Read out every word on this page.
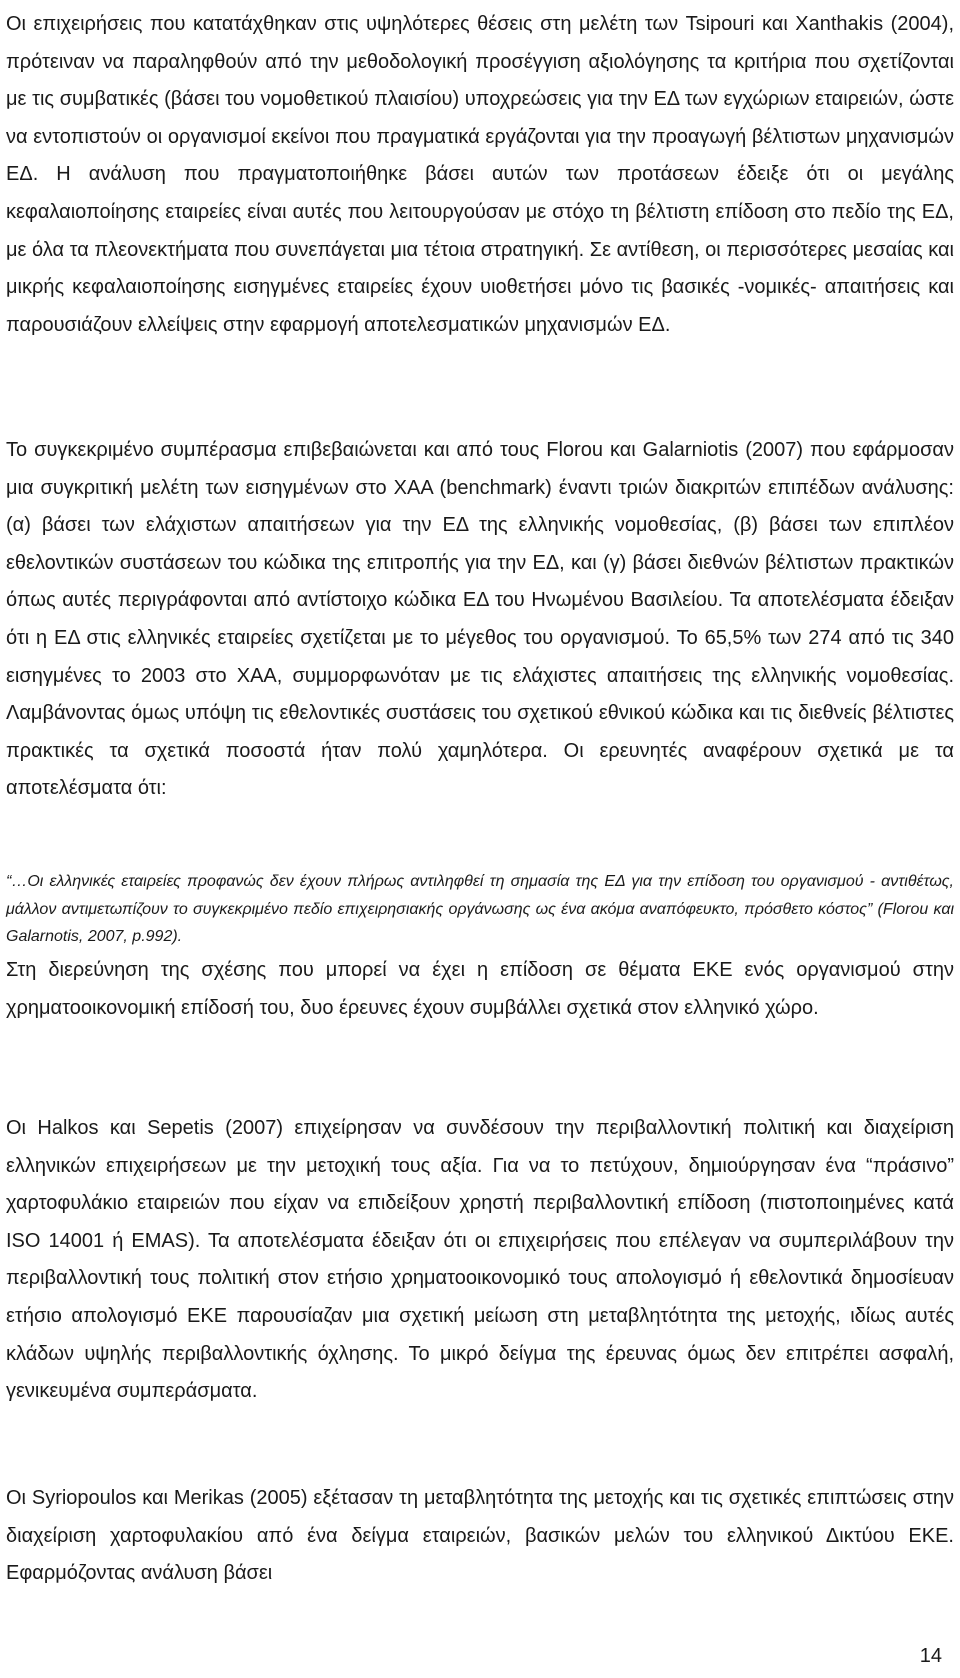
Οι επιχειρήσεις που κατατάχθηκαν στις υψηλότερες θέσεις στη μελέτη των Tsipouri και Xanthakis (2004), πρότειναν να παραληφθούν από την μεθοδολογική προσέγγιση αξιολόγησης τα κριτήρια που σχετίζονται με τις συμβατικές (βάσει του νομοθετικού πλαισίου) υποχρεώσεις για την ΕΔ των εγχώριων εταιρειών, ώστε να εντοπιστούν οι οργανισμοί εκείνοι που πραγματικά εργάζονται για την προαγωγή βέλτιστων μηχανισμών ΕΔ. Η ανάλυση που πραγματοποιήθηκε βάσει αυτών των προτάσεων έδειξε ότι οι μεγάλης κεφαλαιοποίησης εταιρείες είναι αυτές που λειτουργούσαν με στόχο τη βέλτιστη επίδοση στο πεδίο της ΕΔ, με όλα τα πλεονεκτήματα που συνεπάγεται μια τέτοια στρατηγική. Σε αντίθεση, οι περισσότερες μεσαίας και μικρής κεφαλαιοποίησης εισηγμένες εταιρείες έχουν υιοθετήσει μόνο τις βασικές -νομικές- απαιτήσεις και παρουσιάζουν ελλείψεις στην εφαρμογή αποτελεσματικών μηχανισμών ΕΔ.

Το συγκεκριμένο συμπέρασμα επιβεβαιώνεται και από τους Florou και Galarniotis (2007) που εφάρμοσαν μια συγκριτική μελέτη των εισηγμένων στο ΧΑΑ (benchmark) έναντι τριών διακριτών επιπέδων ανάλυσης: (α) βάσει των ελάχιστων απαιτήσεων για την ΕΔ της ελληνικής νομοθεσίας, (β) βάσει των επιπλέον εθελοντικών συστάσεων του κώδικα της επιτροπής για την ΕΔ, και (γ) βάσει διεθνών βέλτιστων πρακτικών όπως αυτές περιγράφονται από αντίστοιχο κώδικα ΕΔ του Ηνωμένου Βασιλείου. Τα αποτελέσματα έδειξαν ότι η ΕΔ στις ελληνικές εταιρείες σχετίζεται με το μέγεθος του οργανισμού. Το 65,5% των 274 από τις 340 εισηγμένες το 2003 στο ΧΑΑ, συμμορφωνόταν με τις ελάχιστες απαιτήσεις της ελληνικής νομοθεσίας. Λαμβάνοντας όμως υπόψη τις εθελοντικές συστάσεις του σχετικού εθνικού κώδικα και τις διεθνείς βέλτιστες πρακτικές τα σχετικά ποσοστά ήταν πολύ χαμηλότερα. Οι ερευνητές αναφέρουν σχετικά με τα αποτελέσματα ότι:

“…Οι ελληνικές εταιρείες προφανώς δεν έχουν πλήρως αντιληφθεί τη σημασία της ΕΔ για την επίδοση του οργανισμού - αντιθέτως, μάλλον αντιμετωπίζουν το συγκεκριμένο πεδίο επιχειρησιακής οργάνωσης ως ένα ακόμα αναπόφευκτο, πρόσθετο κόστος” (Florou και Galarnotis, 2007, p.992).

Στη διερεύνηση της σχέσης που μπορεί να έχει η επίδοση σε θέματα ΕΚΕ ενός οργανισμού στην χρηματοοικονομική επίδοσή του, δυο έρευνες έχουν συμβάλλει σχετικά στον ελληνικό χώρο.

Οι Halkos και Sepetis (2007) επιχείρησαν να συνδέσουν την περιβαλλοντική πολιτική και διαχείριση ελληνικών επιχειρήσεων με την μετοχική τους αξία. Για να το πετύχουν, δημιούργησαν ένα “πράσινο” χαρτοφυλάκιο εταιρειών που είχαν να επιδείξουν χρηστή περιβαλλοντική επίδοση (πιστοποιημένες κατά ISO 14001 ή EMAS). Τα αποτελέσματα έδειξαν ότι οι επιχειρήσεις που επέλεγαν να συμπεριλάβουν την περιβαλλοντική τους πολιτική στον ετήσιο χρηματοοικονομικό τους απολογισμό ή εθελοντικά δημοσίευαν ετήσιο απολογισμό ΕΚΕ παρουσίαζαν μια σχετική μείωση στη μεταβλητότητα της μετοχής, ιδίως αυτές κλάδων υψηλής περιβαλλοντικής όχλησης. Το μικρό δείγμα της έρευνας όμως δεν επιτρέπει ασφαλή, γενικευμένα συμπεράσματα.

Οι Syriopoulos και Merikas (2005) εξέτασαν τη μεταβλητότητα της μετοχής και τις σχετικές επιπτώσεις στην διαχείριση χαρτοφυλακίου από ένα δείγμα εταιρειών, βασικών μελών του ελληνικού Δικτύου ΕΚΕ. Εφαρμόζοντας ανάλυση βάσει

14
